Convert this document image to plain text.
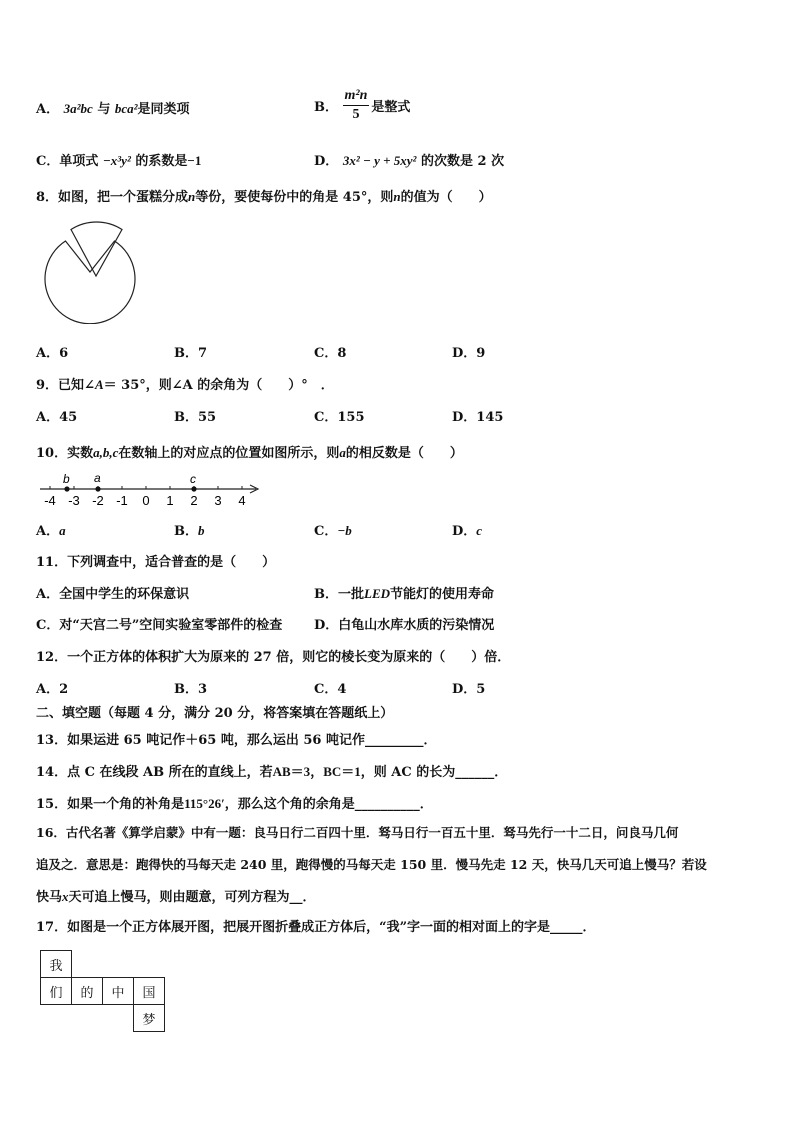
A． 3a²bc 与 bca²是同类项	B． $\frac{\text{m²n}}{5}$ 是整式
C．单项式 −x³y² 的系数是−1	D． 3x² − y + 5xy² 的次数是 2 次
8．如图，把一个蛋糕分成n等份，要使每份中的角是 45°，则n的值为（　　）
A．6	B．7	C．8	D．9
9．已知∠A＝ 35°，则∠A 的余角为（　　）°　．
A．45	B．55	C．155	D．145
10．实数a,b,c在数轴上的对应点的位置如图所示，则a的相反数是（　　）
-4 -3 -2 -1 0 1 2 3 4
b a	c
A．a	B．b	C．−b	D．c
11．下列调查中，适合普查的是（　　）
A．全国中学生的环保意识	B．一批LED节能灯的使用寿命
C．对“天宫二号”空间实验室零部件的检查 D．白龟山水库水质的污染情况
12．一个正方体的体积扩大为原来的 27 倍，则它的棱长变为原来的（　　）倍．
A．2	B．3	C．4	D．5
二、填空题（每题 4 分，满分 20 分，将答案填在答题纸上）
13．如果运进 65 吨记作＋65 吨，那么运出 56 吨记作_________．
14．点 C 在线段 AB 所在的直线上，若AB＝3，BC＝1，则 AC 的长为______．
15．如果一个角的补角是115°26′，那么这个角的余角是__________．
16．古代名著《算学启蒙》中有一题：良马日行二百四十里．驽马日行一百五十里．驽马先行一十二日，问良马几何
追及之．意思是：跑得快的马每天走 240 里，跑得慢的马每天走 150 里．慢马先走 12 天，快马几天可追上慢马？若设
快马x天可追上慢马，则由题意，可列方程为__．
17．如图是一个正方体展开图，把展开图折叠成正方体后，“我”字一面的相对面上的字是_____．
我			
们	的	中	国
			梦
